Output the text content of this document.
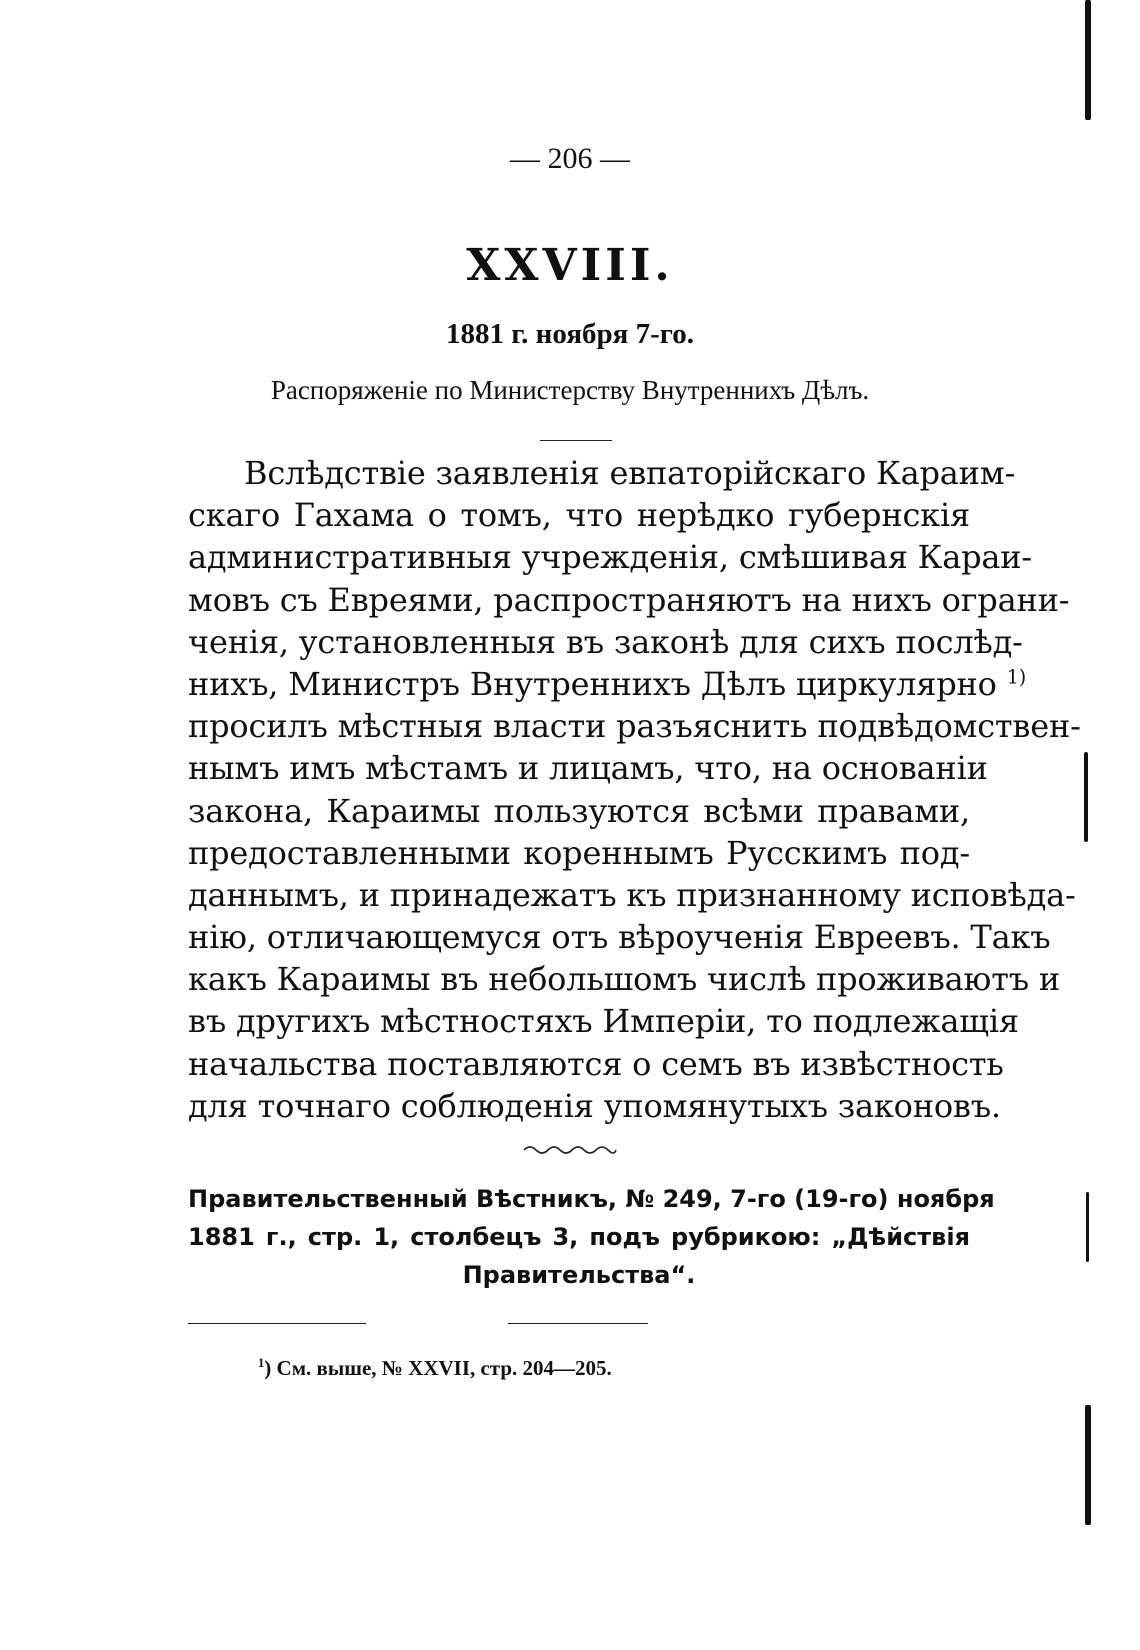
— 206 —
XXVIII.
1881 г. ноября 7-го.
Распоряженіе по Министерству Внутреннихъ Дѣлъ.
Вслѣдствіе заявленія евпаторійскаго Караим-
скаго Гахама о томъ, что нерѣдко губернскія
административныя учрежденія, смѣшивая Караи-
мовъ съ Евреями, распространяютъ на нихъ ограни-
ченія, установленныя въ законѣ для сихъ послѣд-
нихъ, Министръ Внутреннихъ Дѣлъ циркулярно $^{1)}$
просилъ мѣстныя власти разъяснить подвѣдомствен-
нымъ имъ мѣстамъ и лицамъ, что, на основаніи
закона, Караимы пользуются всѣми правами,
предоставленными кореннымъ Русскимъ под-
даннымъ, и принадежатъ къ признанному исповѣда-
нію, отличающемуся отъ вѣроученія Евреевъ. Такъ
какъ Караимы въ небольшомъ числѣ проживаютъ и
въ другихъ мѣстностяхъ Имперіи, то подлежащія
начальства поставляются о семъ въ извѣстность
для точнаго соблюденія упомянутыхъ законовъ.
Правительственный Вѣстникъ, № 249, 7-го (19-го) ноября
1881 г., стр. 1, столбецъ 3, подъ рубрикою: „Дѣйствія
Правительства“.
$^1$) См. выше, № XXVII, стр. 204—205.
